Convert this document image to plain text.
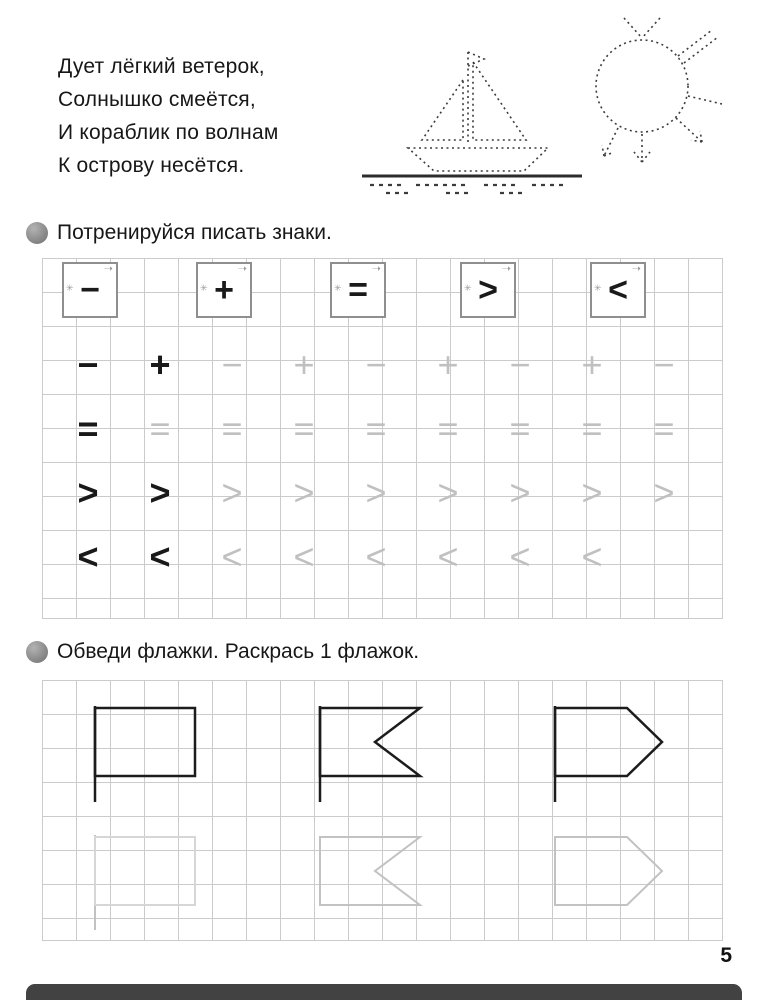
Дует лёгкий ветерок,
Солнышко смеётся,
И кораблик по волнам
К острову несётся.
Потренируйся писать знаки.
✳
➝
−	✳
➝
+	✳
➝
=	✳
➝
>	✳
➝
<
−	+	−	+	−	+	−	+	−
=	=	=	=	=	=	=	=	=
>	>	>	>	>	>	>	>	>
<	<	<	<	<	<	<	<
Обведи флажки. Раскрась 1 флажок.
5
